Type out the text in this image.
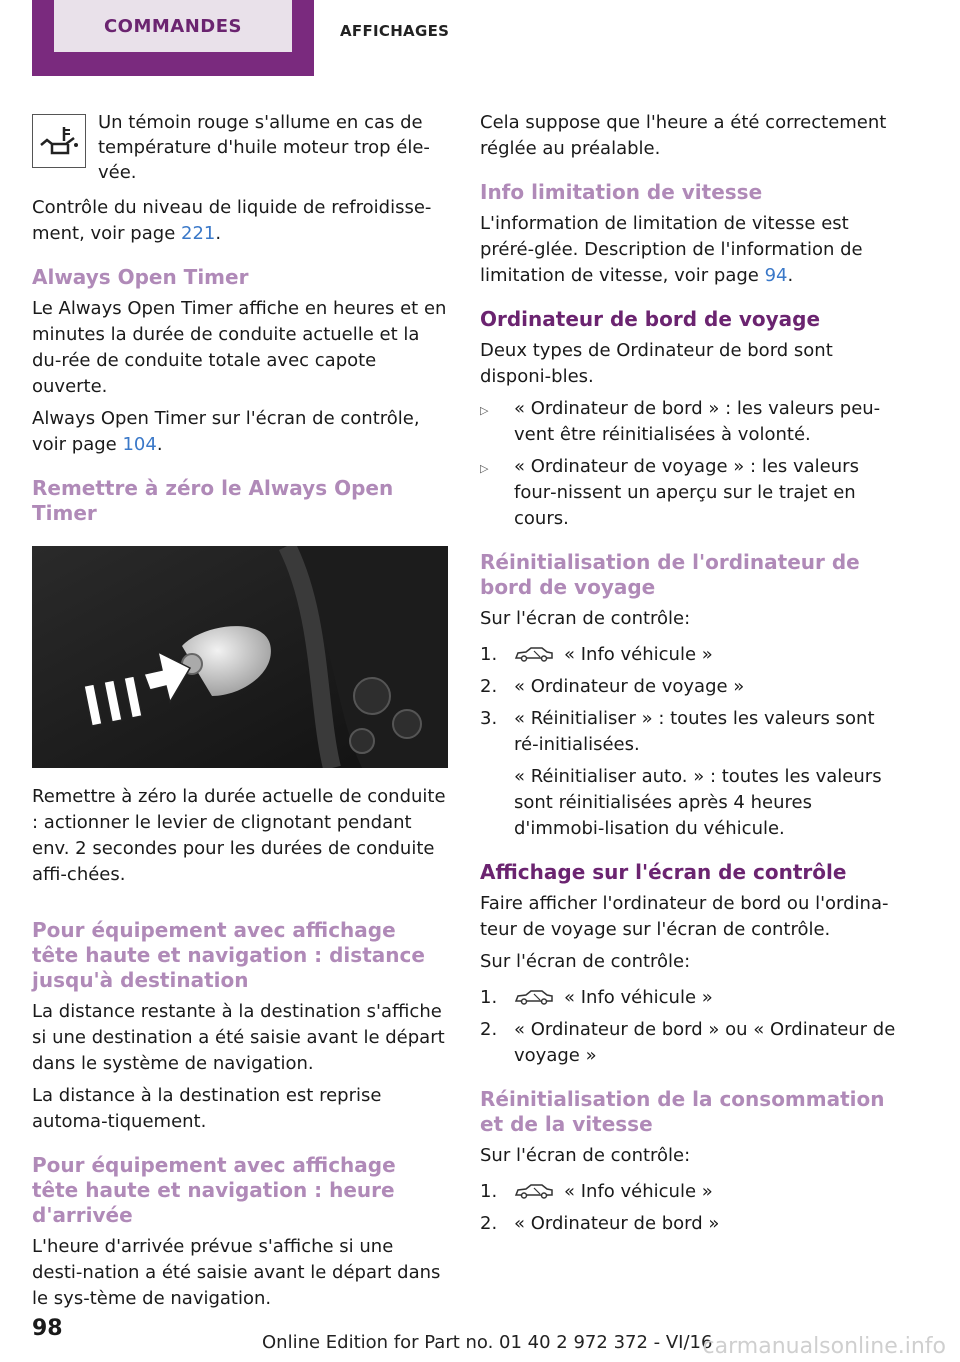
COMMANDES	AFFICHAGES
Un témoin rouge s'allume en cas de température d'huile moteur trop éle‐vée.

Contrôle du niveau de liquide de refroidisse‐ment, voir page 221.

Always Open Timer

Le Always Open Timer affiche en heures et en minutes la durée de conduite actuelle et la du‐rée de conduite totale avec capote ouverte.

Always Open Timer sur l'écran de contrôle, voir page 104.

Remettre à zéro le Always Open Timer

Remettre à zéro la durée actuelle de conduite : actionner le levier de clignotant pendant env. 2 secondes pour les durées de conduite affi‐chées.

Pour équipement avec affichage tête haute et navigation : distance jusqu'à destination

La distance restante à la destination s'affiche si une destination a été saisie avant le départ dans le système de navigation.

La distance à la destination est reprise automa‐tiquement.

Pour équipement avec affichage tête haute et navigation : heure d'arrivée

L'heure d'arrivée prévue s'affiche si une desti‐nation a été saisie avant le départ dans le sys‐tème de navigation.

Cela suppose que l'heure a été correctement réglée au préalable.

Info limitation de vitesse

L'information de limitation de vitesse est préré‐glée. Description de l'information de limitation de vitesse, voir page 94.

Ordinateur de bord de voyage

Deux types de Ordinateur de bord sont disponi‐bles.

▷	« Ordinateur de bord » : les valeurs peu‐vent être réinitialisées à volonté.
▷	« Ordinateur de voyage » : les valeurs four‐nissent un aperçu sur le trajet en cours.
Réinitialisation de l'ordinateur de bord de voyage

Sur l'écran de contrôle:

1.	« Info véhicule »
2. « Ordinateur de voyage »
3. « Réinitialiser » : toutes les valeurs sont ré‐initialisées.
« Réinitialiser auto. » : toutes les valeurs sont réinitialisées après 4 heures d'immobi‐lisation du véhicule.
Affichage sur l'écran de contrôle

Faire afficher l'ordinateur de bord ou l'ordina‐teur de voyage sur l'écran de contrôle.

Sur l'écran de contrôle:

1.	« Info véhicule »
2. « Ordinateur de bord » ou « Ordinateur de voyage »
Réinitialisation de la consommation et de la vitesse

Sur l'écran de contrôle:

1.	« Info véhicule »
2. « Ordinateur de bord »
98
Online Edition for Part no. 01 40 2 972 372 - VI/16
carmanualsonline.info
